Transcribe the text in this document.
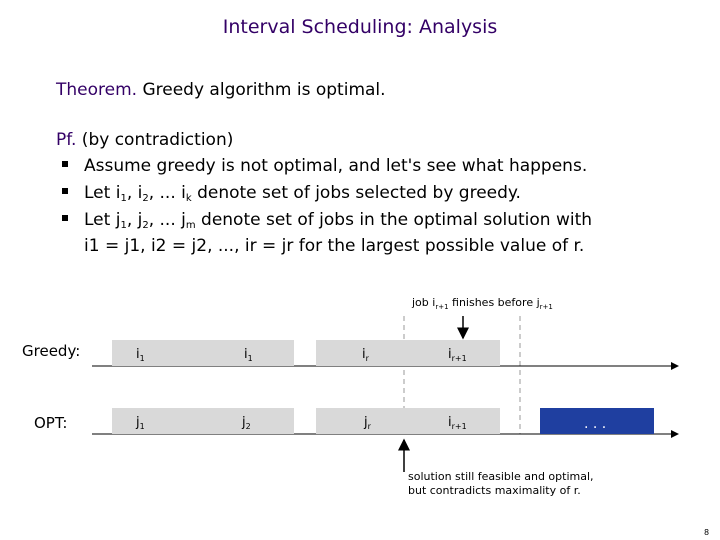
Interval Scheduling: Analysis
Theorem. Greedy algorithm is optimal.
Pf. (by contradiction)
Assume greedy is not optimal, and let's see what happens.
Let $i_1$, $i_2$, ... $i_k$ denote set of jobs selected by greedy.
Let $j_1$, $j_2$, ... $j_m$ denote set of jobs in the optimal solution with
i1 = j1, i2 = j2, ..., ir = jr for the largest possible value of r.
job $i_{r+1}$ finishes before $j_{r+1}$
Greedy:
OPT:
$i_1$	$i_1$	$i_r$	$i_{r+1}$
$j_1$	$j_2$	$j_r$	$i_{r+1}$	. . .
solution still feasible and optimal,
but contradicts maximality of r.
8
